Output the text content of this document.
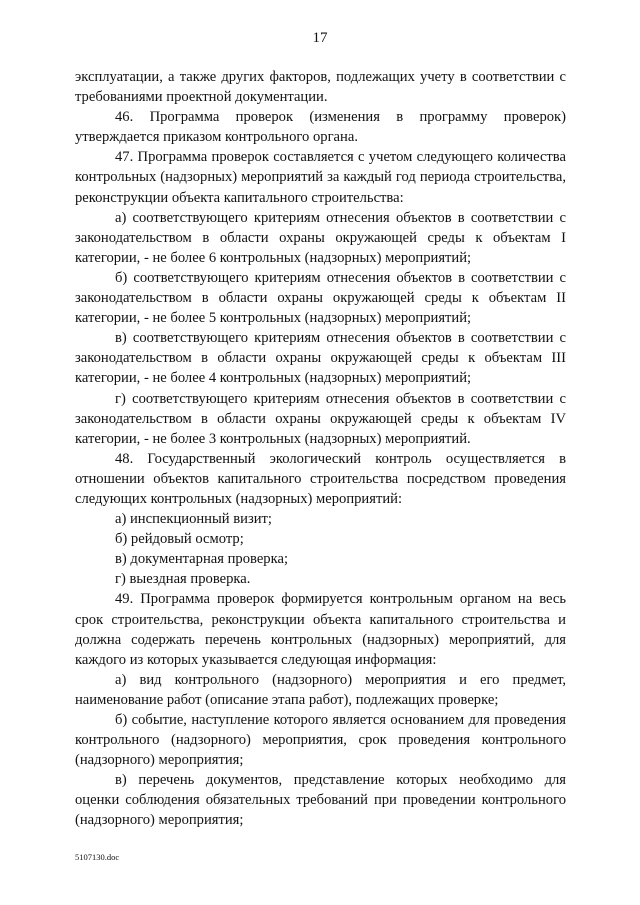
17

эксплуатации, а также других факторов, подлежащих учету в соответствии с требованиями проектной документации.

46. Программа проверок (изменения в программу проверок) утверждается приказом контрольного органа.

47. Программа проверок составляется с учетом следующего количества контрольных (надзорных) мероприятий за каждый год периода строительства, реконструкции объекта капитального строительства:

а) соответствующего критериям отнесения объектов в соответствии с законодательством в области охраны окружающей среды к объектам I категории, - не более 6 контрольных (надзорных) мероприятий;

б) соответствующего критериям отнесения объектов в соответствии с законодательством в области охраны окружающей среды к объектам II категории, - не более 5 контрольных (надзорных) мероприятий;

в) соответствующего критериям отнесения объектов в соответствии с законодательством в области охраны окружающей среды к объектам III категории, - не более 4 контрольных (надзорных) мероприятий;

г) соответствующего критериям отнесения объектов в соответствии с законодательством в области охраны окружающей среды к объектам IV категории, - не более 3 контрольных (надзорных) мероприятий.

48. Государственный экологический контроль осуществляется в отношении объектов капитального строительства посредством проведения следующих контрольных (надзорных) мероприятий:

а) инспекционный визит;

б) рейдовый осмотр;

в) документарная проверка;

г) выездная проверка.

49. Программа проверок формируется контрольным органом на весь срок строительства, реконструкции объекта капитального строительства и должна содержать перечень контрольных (надзорных) мероприятий, для каждого из которых указывается следующая информация:

а) вид контрольного (надзорного) мероприятия и его предмет, наименование работ (описание этапа работ), подлежащих проверке;

б) событие, наступление которого является основанием для проведения контрольного (надзорного) мероприятия, срок проведения контрольного (надзорного) мероприятия;

в) перечень документов, представление которых необходимо для оценки соблюдения обязательных требований при проведении контрольного (надзорного) мероприятия;

5107130.doc
